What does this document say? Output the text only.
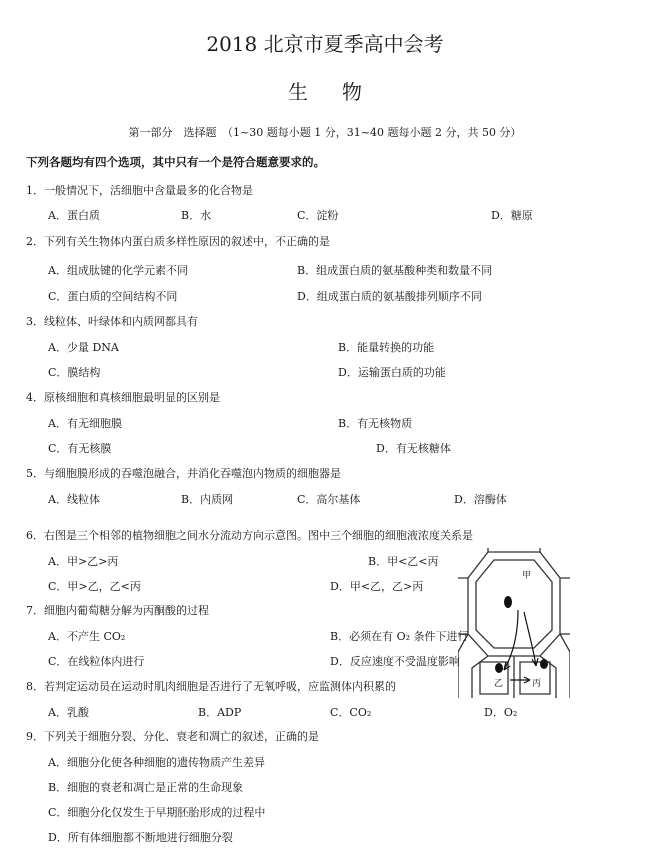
2018 北京市夏季高中会考
生物
第一部分　选择题　（1~30 题每小题 1 分，31~40 题每小题 2 分，共 50 分）
下列各题均有四个选项，其中只有一个是符合题意要求的。
1．一般情况下，活细胞中含量最多的化合物是
A．蛋白质	B．水	C．淀粉	D．糖原
2．下列有关生物体内蛋白质多样性原因的叙述中，不正确的是
A．组成肽键的化学元素不同	B．组成蛋白质的氨基酸种类和数量不同
C．蛋白质的空间结构不同	D．组成蛋白质的氨基酸排列顺序不同
3．线粒体、叶绿体和内质网都具有
A．少量 DNA	B．能量转换的功能
C．膜结构	D．运输蛋白质的功能
4．原核细胞和真核细胞最明显的区别是
A．有无细胞膜	B．有无核物质
C．有无核膜	D．有无核糖体
5．与细胞膜形成的吞噬泡融合，并消化吞噬泡内物质的细胞器是
A．线粒体	B．内质网	C．高尔基体	D．溶酶体
6．右图是三个相邻的植物细胞之间水分流动方向示意图。图中三个细胞的细胞液浓度关系是
A．甲>乙>丙	B．甲<乙<丙
C．甲>乙，乙<丙	D．甲<乙，乙>丙
7．细胞内葡萄糖分解为丙酮酸的过程
A．不产生 CO₂	B．必须在有 O₂ 条件下进行
C．在线粒体内进行	D．反应速度不受温度影响
8．若判定运动员在运动时肌肉细胞是否进行了无氧呼吸，应监测体内积累的
A．乳酸	B．ADP	C．CO₂	D．O₂
9．下列关于细胞分裂、分化、衰老和凋亡的叙述，正确的是
A．细胞分化使各种细胞的遗传物质产生差异
B．细胞的衰老和凋亡是正常的生命现象
C．细胞分化仅发生于早期胚胎形成的过程中
D．所有体细胞都不断地进行细胞分裂
甲
乙	丙
